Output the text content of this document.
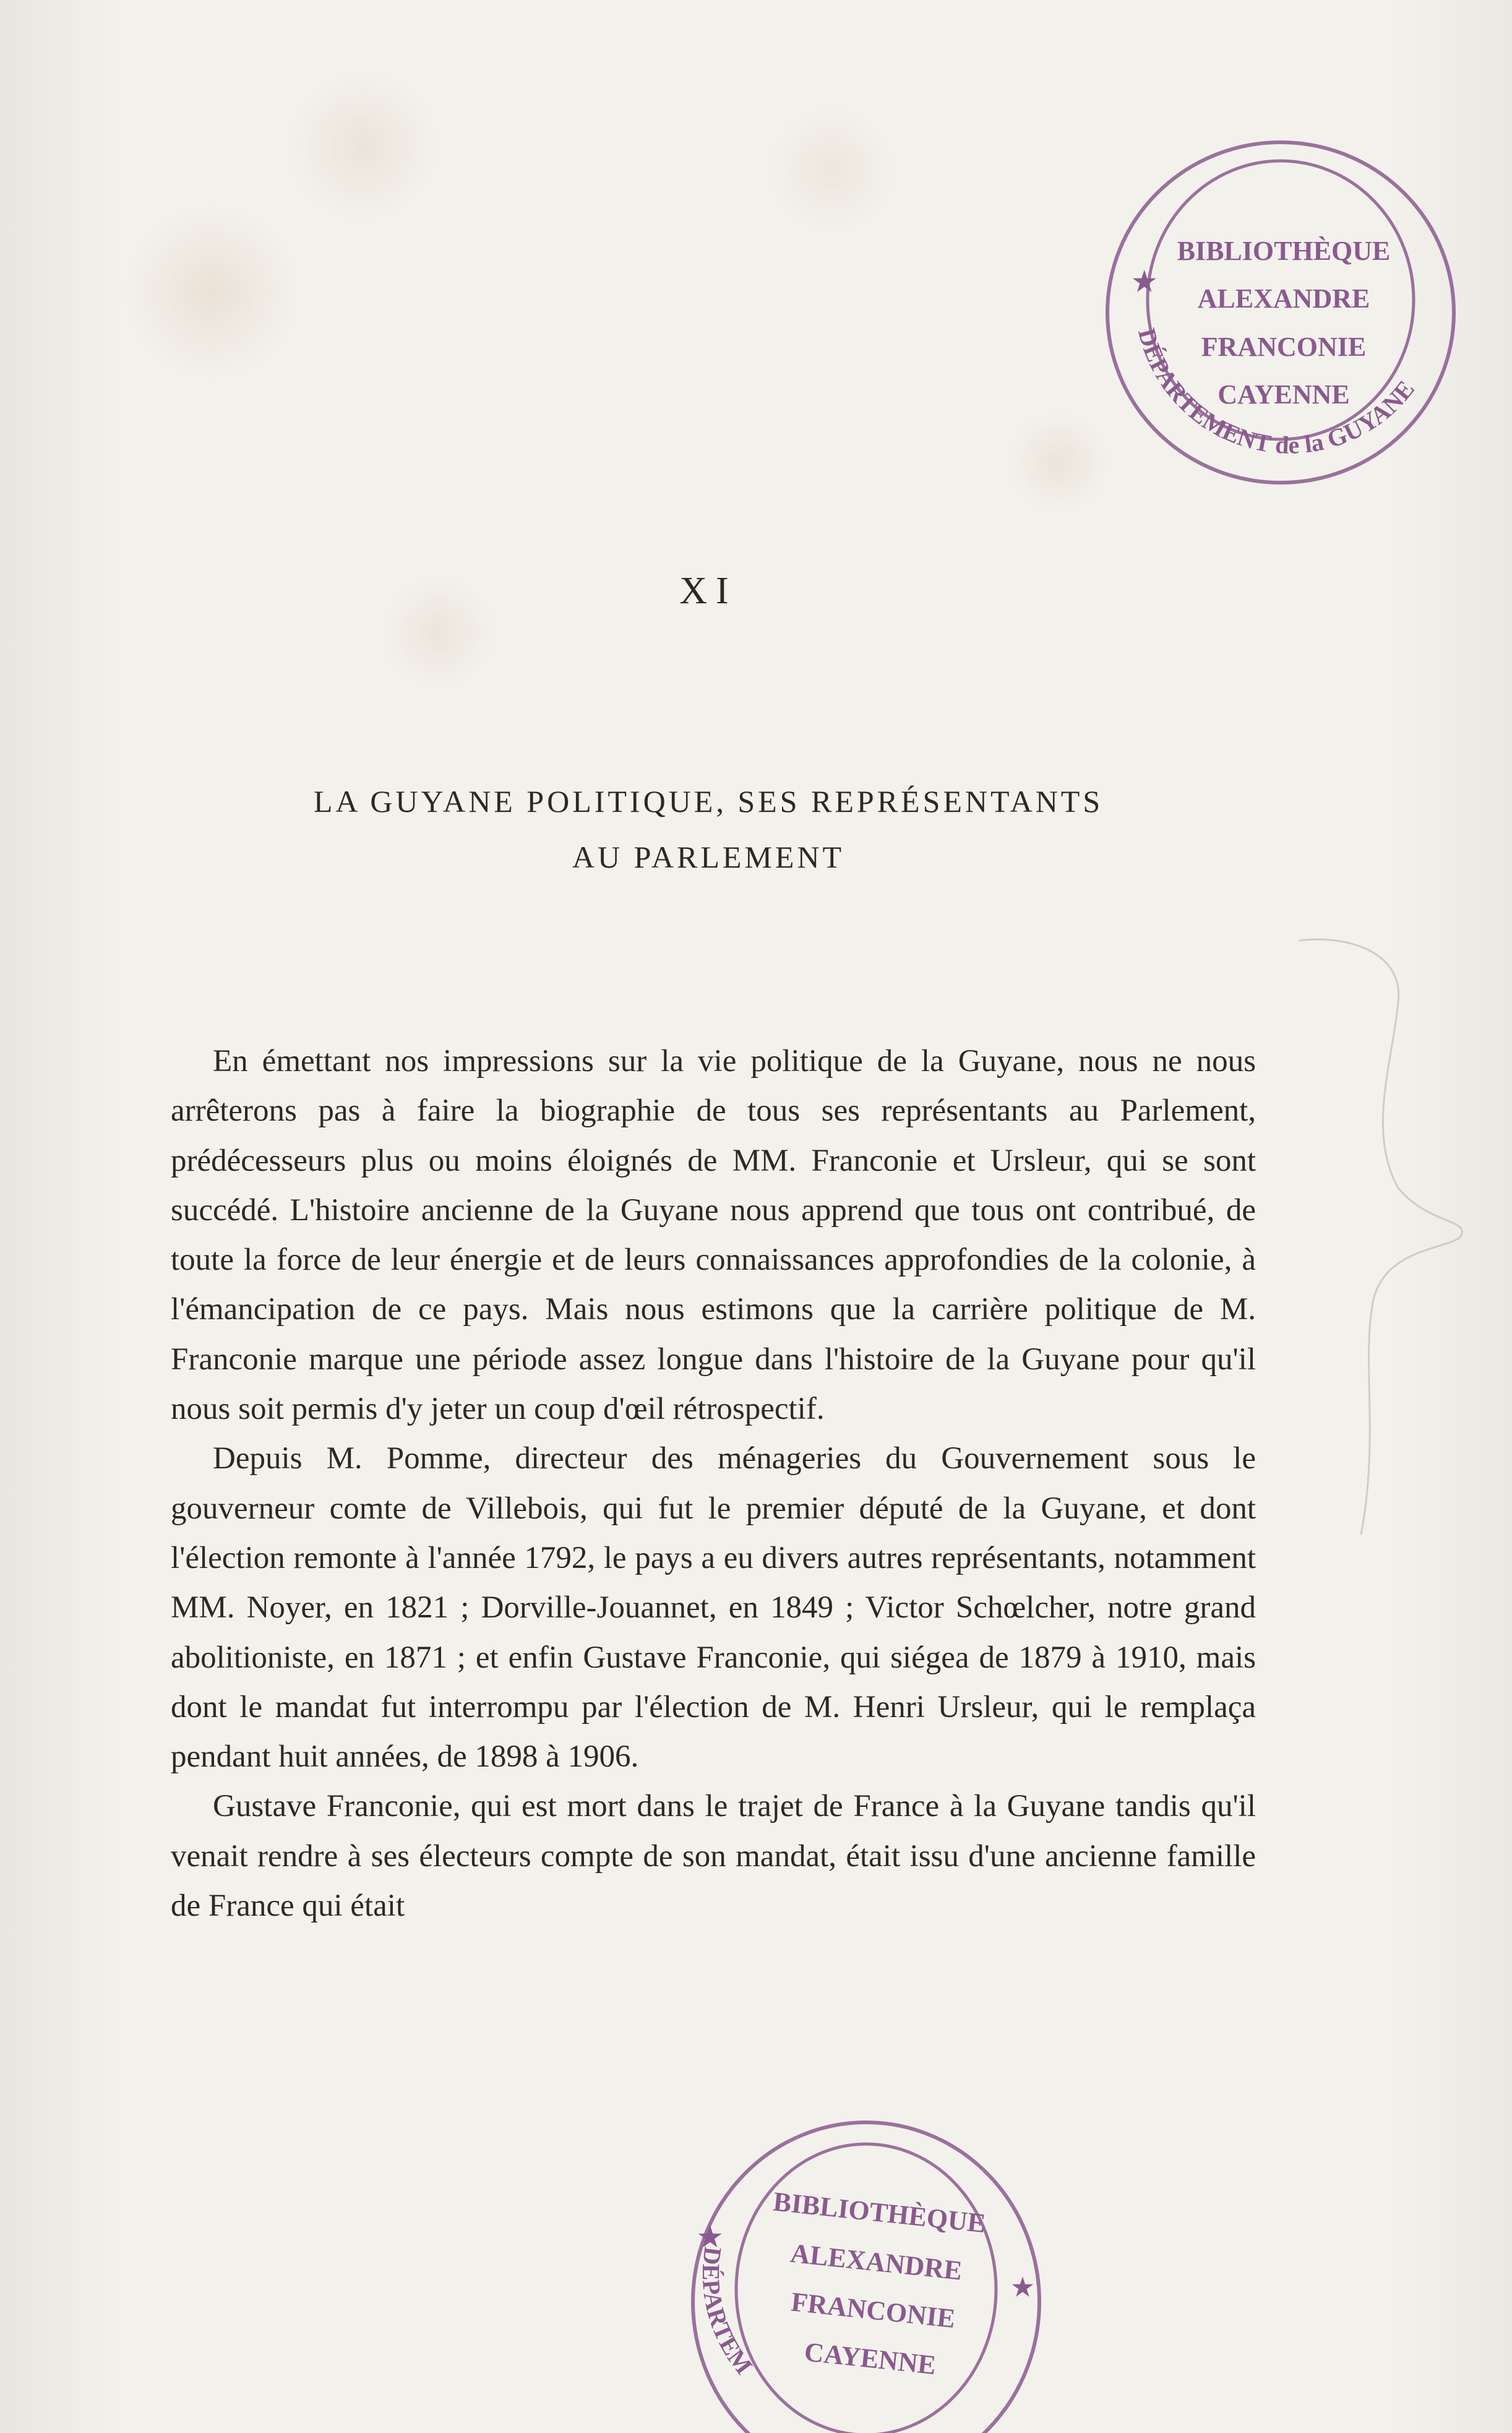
BIBLIOTHÈQUE
ALEXANDRE
FRANCONIE
CAYENNE
DÉPARTEMENT de la GUYANE
★
XI
LA GUYANE POLITIQUE, SES REPRÉSENTANTS
AU PARLEMENT

En émettant nos impressions sur la vie politique de la Guyane, nous ne nous arrêterons pas à faire la biographie de tous ses représentants au Parlement, prédécesseurs plus ou moins éloignés de MM. Franconie et Ursleur, qui se sont succédé. L'histoire ancienne de la Guyane nous apprend que tous ont contribué, de toute la force de leur énergie et de leurs connaissances approfondies de la colonie, à l'émancipation de ce pays. Mais nous estimons que la carrière politique de M. Franconie marque une période assez longue dans l'histoire de la Guyane pour qu'il nous soit permis d'y jeter un coup d'œil rétrospectif.

Depuis M. Pomme, directeur des ménageries du Gouvernement sous le gouverneur comte de Villebois, qui fut le premier député de la Guyane, et dont l'élection remonte à l'année 1792, le pays a eu divers autres représentants, notamment MM. Noyer, en 1821 ; Dorville-Jouannet, en 1849 ; Victor Schœlcher, notre grand abolitioniste, en 1871 ; et enfin Gustave Franconie, qui siégea de 1879 à 1910, mais dont le mandat fut interrompu par l'élection de M. Henri Ursleur, qui le remplaça pendant huit années, de 1898 à 1906.

Gustave Franconie, qui est mort dans le trajet de France à la Guyane tandis qu'il venait rendre à ses électeurs compte de son mandat, était issu d'une ancienne famille de France qui était

BIBLIOTHÈQUE
ALEXANDRE
FRANCONIE
CAYENNE
DÉPARTEM
★
★
